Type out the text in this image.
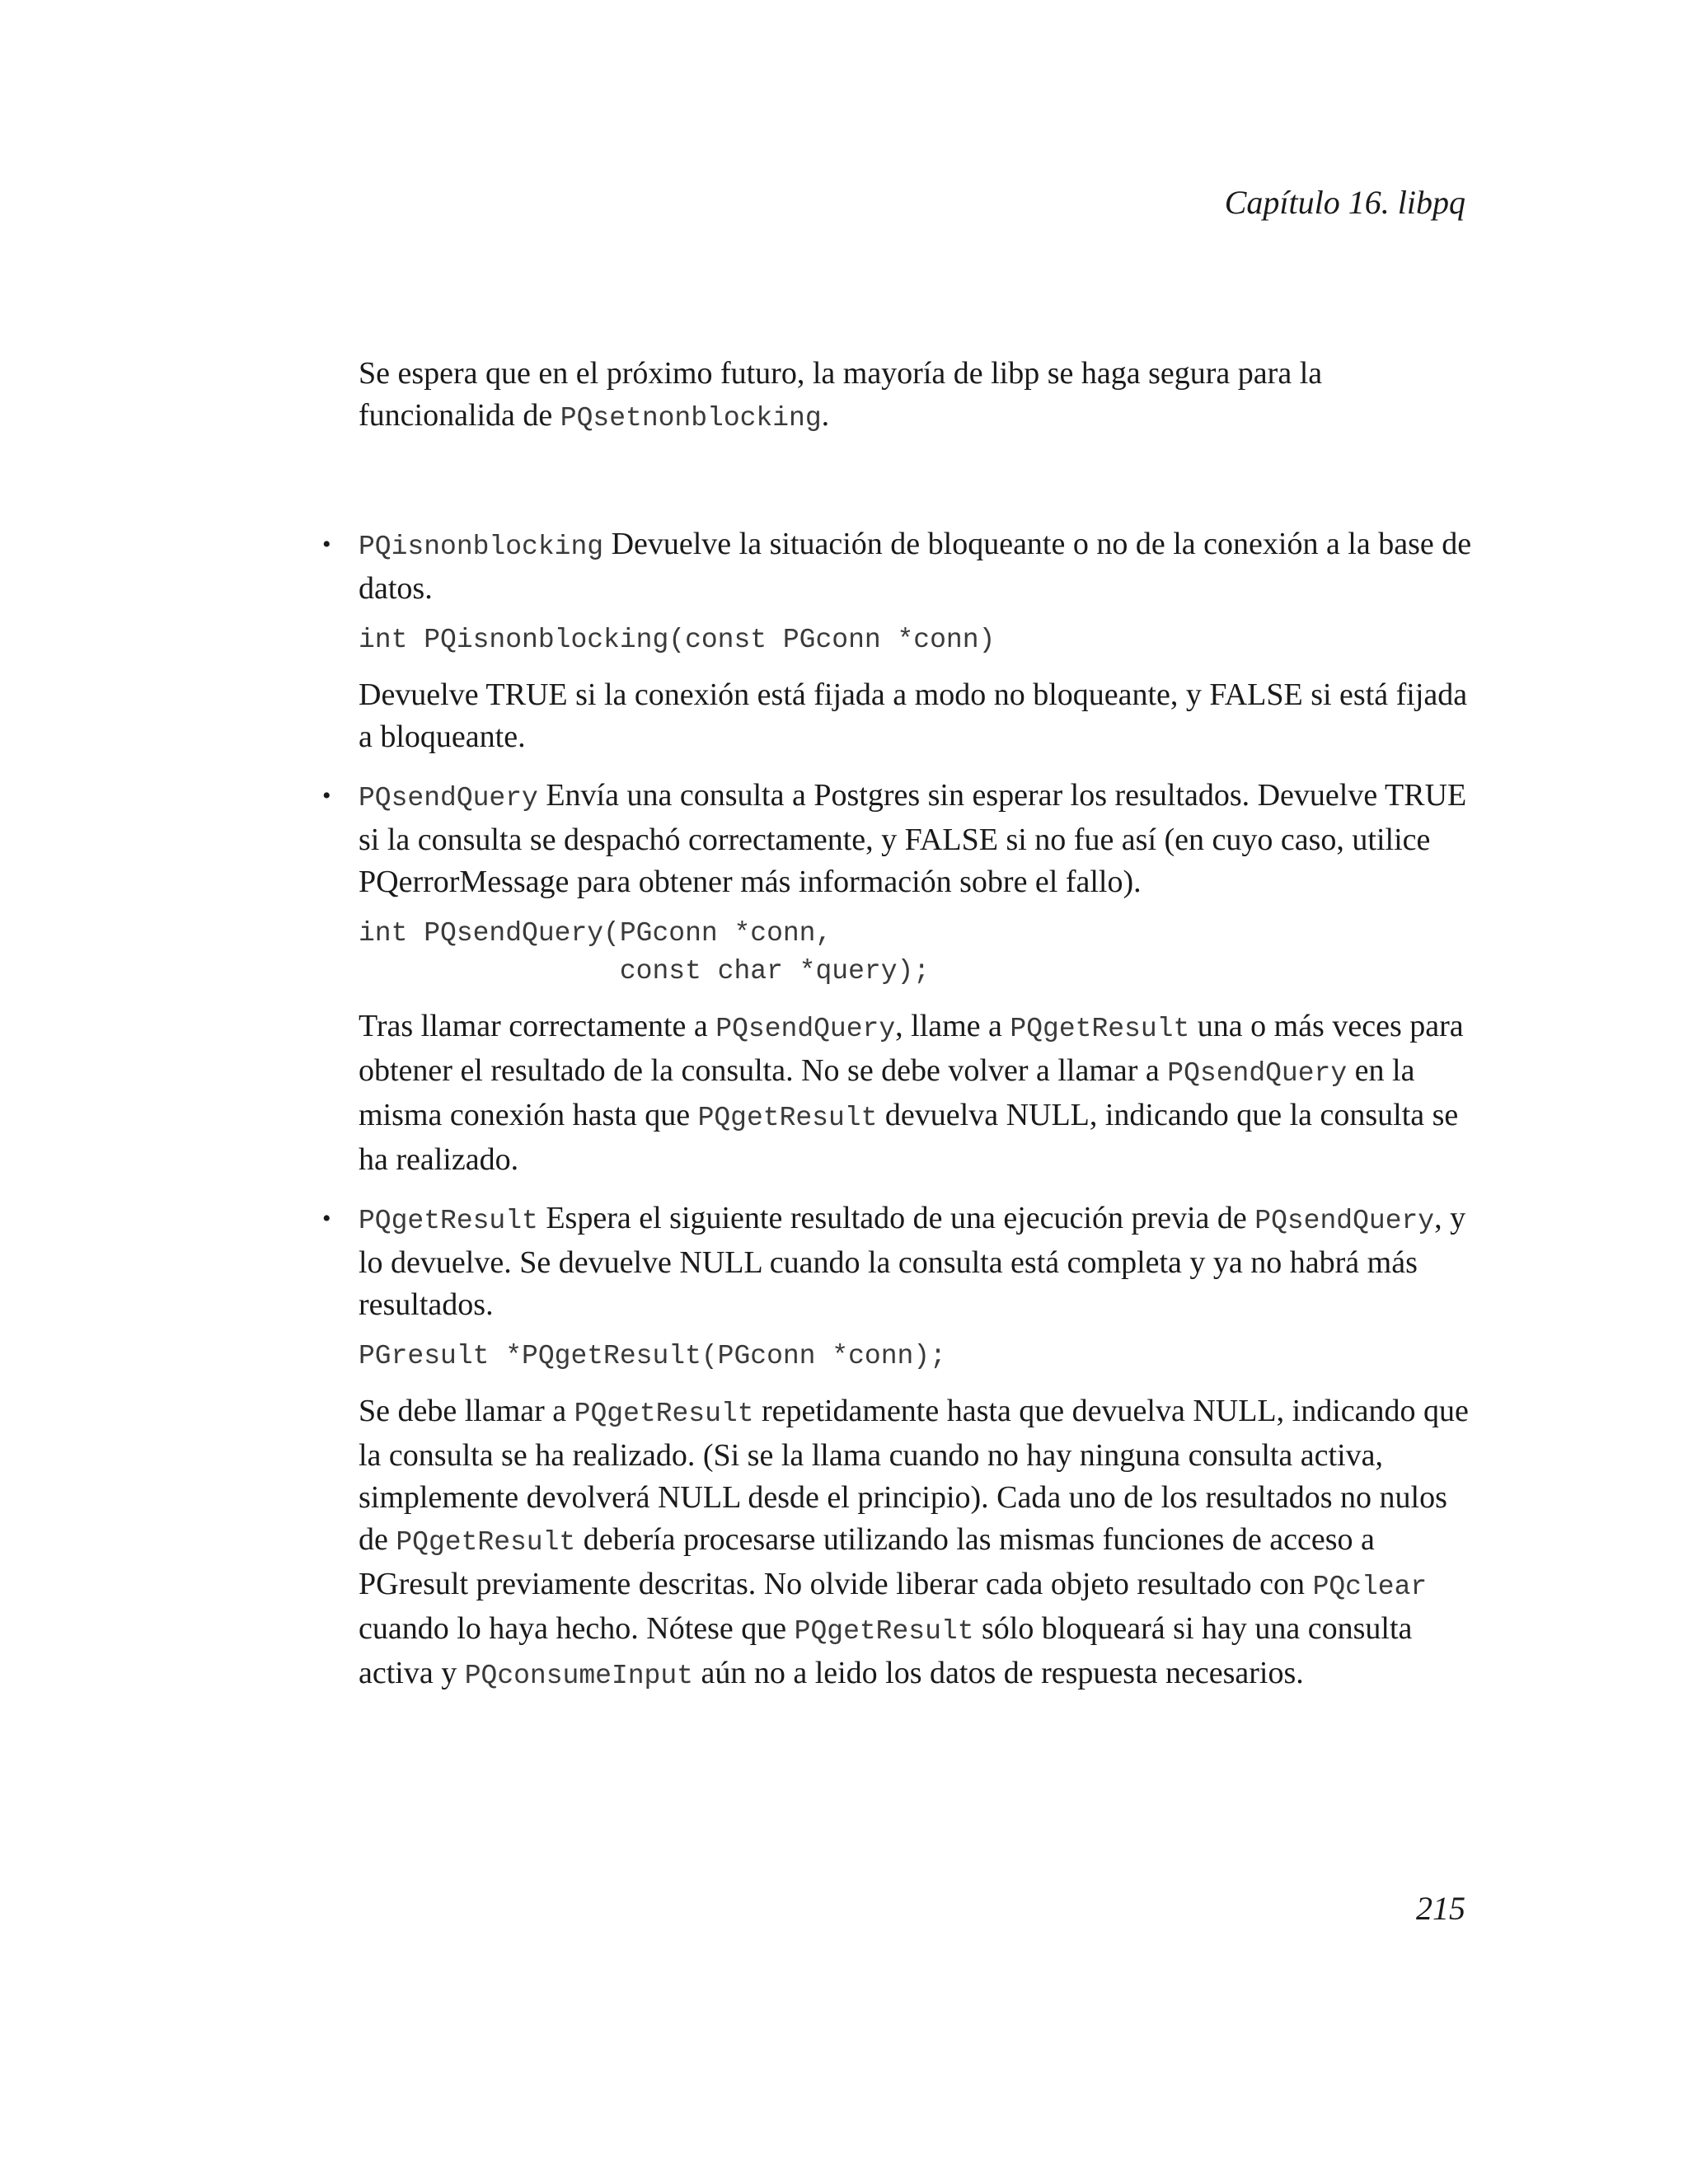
Capítulo 16. libpq

Se espera que en el próximo futuro, la mayoría de libp se haga segura para la funcionalida de PQsetnonblocking.

• PQisnonblocking Devuelve la situación de bloqueante o no de la conexión a la base de datos.

int PQisnonblocking(const PGconn *conn)

Devuelve TRUE si la conexión está fijada a modo no bloqueante, y FALSE si está fijada a bloqueante.

• PQsendQuery Envía una consulta a Postgres sin esperar los resultados. Devuelve TRUE si la consulta se despachó correctamente, y FALSE si no fue así (en cuyo caso, utilice PQerrorMessage para obtener más información sobre el fallo).

int PQsendQuery(PGconn *conn,
const char *query);

Tras llamar correctamente a PQsendQuery, llame a PQgetResult una o más veces para obtener el resultado de la consulta. No se debe volver a llamar a PQsendQuery en la misma conexión hasta que PQgetResult devuelva NULL, indicando que la consulta se ha realizado.

• PQgetResult Espera el siguiente resultado de una ejecución previa de PQsendQuery, y lo devuelve. Se devuelve NULL cuando la consulta está completa y ya no habrá más resultados.

PGresult *PQgetResult(PGconn *conn);

Se debe llamar a PQgetResult repetidamente hasta que devuelva NULL, indicando que la consulta se ha realizado. (Si se la llama cuando no hay ninguna consulta activa, simplemente devolverá NULL desde el principio). Cada uno de los resultados no nulos de PQgetResult debería procesarse utilizando las mismas funciones de acceso a PGresult previamente descritas. No olvide liberar cada objeto resultado con PQclear cuando lo haya hecho. Nótese que PQgetResult sólo bloqueará si hay una consulta activa y PQconsumeInput aún no a leido los datos de respuesta necesarios.

215
